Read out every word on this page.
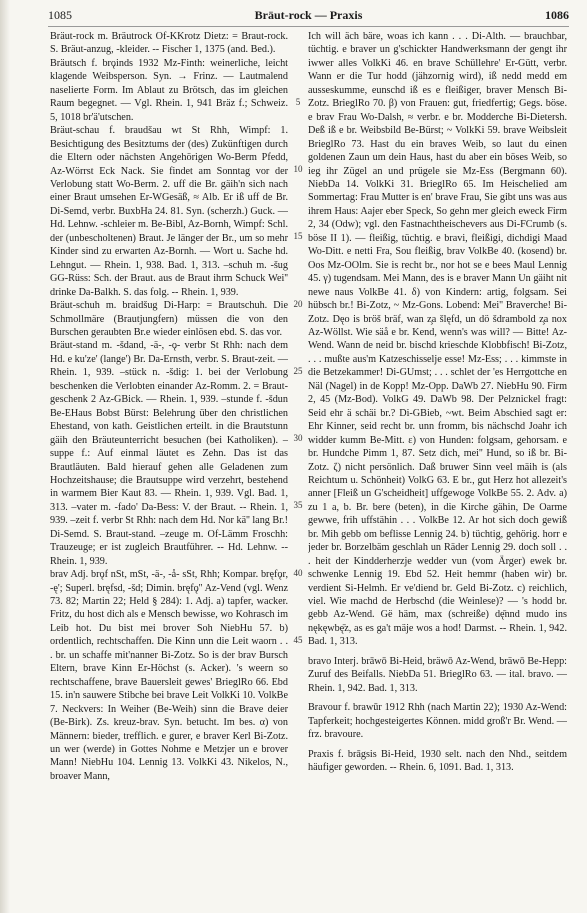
1085	Bräut-rock — Praxis	1086

Bräut-rock m. Bräutrock Of-KKrotz Dietz: = Braut-rock. S. Bräut-anzug, -kleider. -- Fischer 1, 1375 (and. Bed.).

Bräutsch f. brǫinds 1932 Mz-Finth: weinerliche, leicht klagende Weibsperson. Syn. → Frinz. — Lautmalend naselierte Form. Im Ablaut zu Brötsch, das im gleichen Raum begegnet. — Vgl. Rhein. 1, 941 Bräz f.; Schweiz. 5, 1018 br'ä'utschen.

Bräut-schau f. braudšau wt St Rhh, Wimpf: 1. Besichtigung des Besitztums der (des) Zukünftigen durch die Eltern oder nächsten Angehörigen Wo-Berm Pfedd, Az-Wörrst Eck Nack. Sie findet am Sonntag vor der Verlobung statt Wo-Berm. 2. uff die Br. gäih'n sich nach einer Braut umsehen Er-WGesäß, ≈ Alb. Er iß uff de Br. Di-Semd, verbr. BuxbHa 24. 81. Syn. (scherzh.) Guck. — Hd. Lehnw. -schleier m. Be-Bibl, Az-Bornh, Wimpf: Schl. der (unbescholtenen) Braut. Je länger der Br., um so mehr Kinder sind zu erwarten Az-Bornh. — Wort u. Sache hd. Lehngut. — Rhein. 1, 938. Bad. 1, 313. –schuh m. -šug GG-Rüss: Sch. der Braut. aus de Braut ihrm Schuck Wei'' drinke Da-Balkh. S. das folg. -- Rhein. 1, 939.

Bräut-schuh m. braidšug Di-Harp: = Brautschuh. Die Schmollmäre (Brautjungfern) müssen die von den Burschen geraubten Br.e wieder einlösen ebd. S. das vor.

Bräut-stand m. -šdand, -ä-, -ǫ- verbr St Rhh: nach dem Hd. e ku'ze' (lange') Br. Da-Ernsth, verbr. S. Braut-zeit. — Rhein. 1, 939. –stück n. -šdig: 1. bei der Verlobung beschenken die Verlobten einander Az-Romm. 2. = Braut-geschenk 2 Az-GBick. — Rhein. 1, 939. –stunde f. -šdun Be-EHaus Bobst Bürst: Belehrung über den christlichen Ehestand, von kath. Geistlichen erteilt. in die Brautstunn gäih den Bräuteunterricht besuchen (bei Katholiken). –suppe f.: Auf einmal läutet es Zehn. Das ist das Brautläuten. Bald hierauf gehen alle Geladenen zum Hochzeitshause; die Brautsuppe wird verzehrt, bestehend in warmem Bier Kaut 83. — Rhein. 1, 939. Vgl. Bad. 1, 313. –vater m. -fado' Da-Bess: V. der Braut. -- Rhein. 1, 939. –zeit f. verbr St Rhh: nach dem Hd. Nor kä'' lang Br.! Di-Semd. S. Braut-stand. –zeuge m. Of-Lämm Froschh: Trauzeuge; er ist zugleich Brautführer. -- Hd. Lehnw. -- Rhein. 1, 939.

brav Adj. brǫf nSt, mSt, -ä-, -å- sSt, Rhh; Kompar. bręfǫr, -ę'; Superl. bręfsd, -šd; Dimin. bręfǫ'' Az-Vend (vgl. Wenz 73. 82; Martin 22; Held § 284): 1. Adj. a) tapfer, wacker. Fritz, du host dich als e Mensch bewisse, wo Kohrasch im Leib hot. Du bist mei brover Soh NiebHu 57. b) ordentlich, rechtschaffen. Die Kinn unn die Leit waorn . . . br. un schaffe mit'nanner Bi-Zotz. So is der brav Bursch Eltern, brave Kinn Er-Höchst (s. Acker). 's weern so rechtschaffene, brave Bauersleit gewes' BrieglRo 66. Ebd 15. in'n sauwere Stibche bei brave Leit VolkKi 10. VolkBe 7. Neckvers: In Weiher (Be-Weih) sinn die Brave deier (Be-Birk). Zs. kreuz-brav. Syn. betucht. Im bes. α) von Männern: bieder, trefflich. e gurer, e braver Kerl Bi-Zotz. un wer (werde) in Gottes Nohme e Metzjer un e brover Mann! NiebHu 104. Lennig 13. VolkKi 43. Nikelos, N., broaver Mann,

5
10
15
20
25
30
35
40
45

Ich will äch bäre, woas ich kann . . . Di-Alth. — brauchbar, tüchtig. e braver un g'schickter Handwerksmann der gengt ihr iwwer alles VolkKi 46. en brave Schüllehre' Er-Gütt, verbr. Wann er die Tur hodd (jähzornig wird), iß nedd medd em ausseskumme, eunschd iß es e fleißiger, braver Mensch Bi-Zotz. BrieglRo 70. β) von Frauen: gut, friedfertig; Gegs. böse. e brav Frau Wo-Dalsh, ≈ verbr. e br. Modderche Bi-Dietersh. Deß iß e br. Weibsbild Be-Bürst; ~ VolkKi 59. brave Weibsleit BrieglRo 73. Hast du ein braves Weib, so laut du einen goldenen Zaun um dein Haus, hast du aber ein böses Weib, so ieg ihr Zügel an und prügele sie Mz-Ess (Bergmann 60). NiebDa 14. VolkKi 31. BrieglRo 65. Im Heischelied am Sommertag: Frau Mutter is en' brave Frau, Sie gibt uns was aus ihrem Haus: Aajer eber Speck, So gehn mer gleich eweck Firm 2, 34 (Odw); vgl. den Fastnachtheischevers aus Di-FCrumb (s. böse II 1). — fleißig, tüchtig. e bravi, fleißigi, dichdigi Maad Wo-Ditt. e netti Fra, Sou fleißig, brav VolkBe 40. (kosend) br. Oos Mz-OOlm. Sie is recht br., nor hot se e bees Maul Lennig 45. γ) tugendsam. Mei Mann, des is e braver Mann Un gäiht nit newe naus VolkBe 41. δ) von Kindern: artig, folgsam. Sei hübsch br.! Bi-Zotz, ~ Mz-Gons. Lobend: Mei'' Braverche! Bi-Zotz. Dęo is bröš bräf, wan z̧a šlęfd, un dö šdrambold z̧a nox Az-Wöllst. Wie säå e br. Kend, wenn's was will? — Bitte! Az-Wend. Wann de neid br. bischd krieschde Klobbfisch! Bi-Zotz, . . . mußte aus'm Katzeschisselje esse! Mz-Ess; . . . kimmste in die Betzekammer! Di-GUmst; . . . schlet der 'es Herrgottche en Näl (Nagel) in de Kopp! Mz-Opp. DaWb 27. NiebHu 90. Firm 2, 45 (Mz-Bod). VolkG 49. DaWb 98. Der Pelznickel fragt: Seid ehr ä schäi br.? Di-GBieb, ~wt. Beim Abschied sagt er: Ehr Kinner, seid recht br. unn fromm, bis nächschd Joahr ich widder kumm Be-Mitt. ε) von Hunden: folgsam, gehorsam. e br. Hundche Pimm 1, 87. Setz dich, mei'' Hund, so iß br. Bi-Zotz. ζ) nicht persönlich. Daß bruwer Sinn veel mäih is (als Reichtum u. Schönheit) VolkG 63. E br., gut Herz hot allezeit's anner [Fleiß un G'scheidheit] uffgewoge VolkBe 55. 2. Adv. a) zu 1 a, b. Br. bere (beten), in die Kirche gähin, De Oarme gewwe, frih uffstähin . . . VolkBe 12. Ar hot sich doch gewiß br. Mih gebb om beflisse Lennig 24. b) tüchtig, gehörig. horr e jeder br. Borzelbäm geschlah un Räder Lennig 29. doch soll . . . heit der Kindderherzje wedder vun (vom Ärger) ewek br. schwenke Lennig 19. Ebd 52. Heit hemmr (haben wir) br. verdient Si-Helmh. Er ve'diend br. Geld Bi-Zotz. c) reichlich, viel. Wie machd de Herbschd (die Weinlese)? — 's hodd br. gebb Az-Wend. Gë häm, max (schreiße) dę̄nnd mudo ins nękęwbę̄z, as es ga't mäje wos a hod! Darmst. -- Rhein. 1, 942. Bad. 1, 313.

bravo Interj. brāwō Bi-Heid, bräwō Az-Wend, bräwō Be-Hepp: Zuruf des Beifalls. NiebDa 51. BrieglRo 63. — ital. bravo. — Rhein. 1, 942. Bad. 1, 313.

Bravour f. brawūr 1912 Rhh (nach Martin 22); 1930 Az-Wend: Tapferkeit; hochgesteigertes Können. midd groß'r Br. Wend. — frz. bravoure.

Praxis f. brāgsis Bi-Heid, 1930 selt. nach den Nhd., seitdem häufiger geworden. -- Rhein. 6, 1091. Bad. 1, 313.
